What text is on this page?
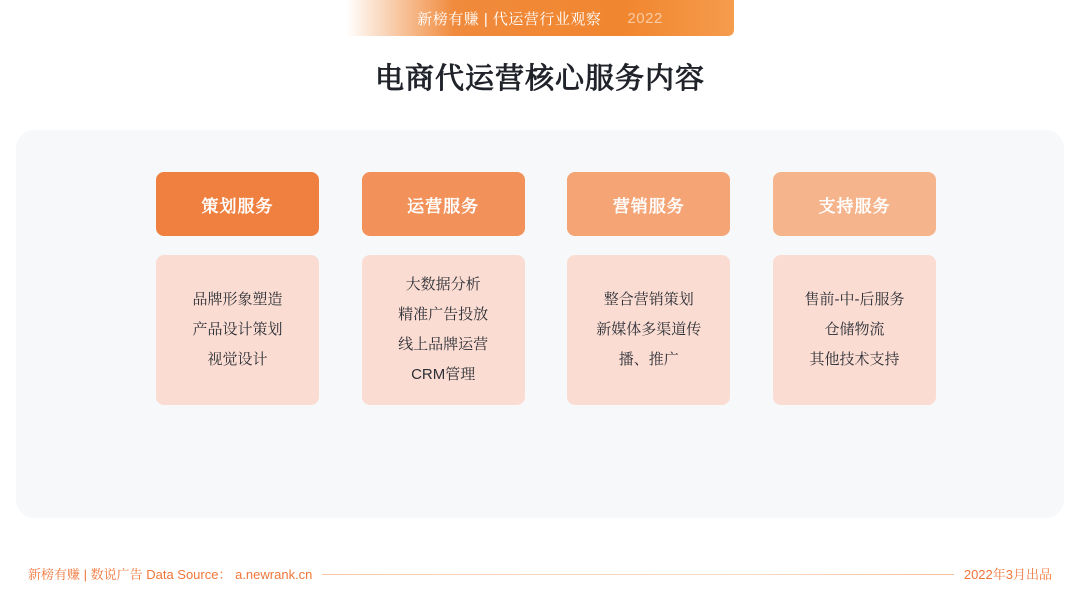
新榜有赚 | 代运营行业观察 2022
电商代运营核心服务内容
策划服务
品牌形象塑造
产品设计策划
视觉设计
运营服务
大数据分析
精准广告投放
线上品牌运营
CRM管理
营销服务
整合营销策划
新媒体多渠道传
播、推广
支持服务
售前-中-后服务
仓储物流
其他技术支持
新榜有赚 | 数说广告 Data Source： a.newrank.cn	2022年3月出品
